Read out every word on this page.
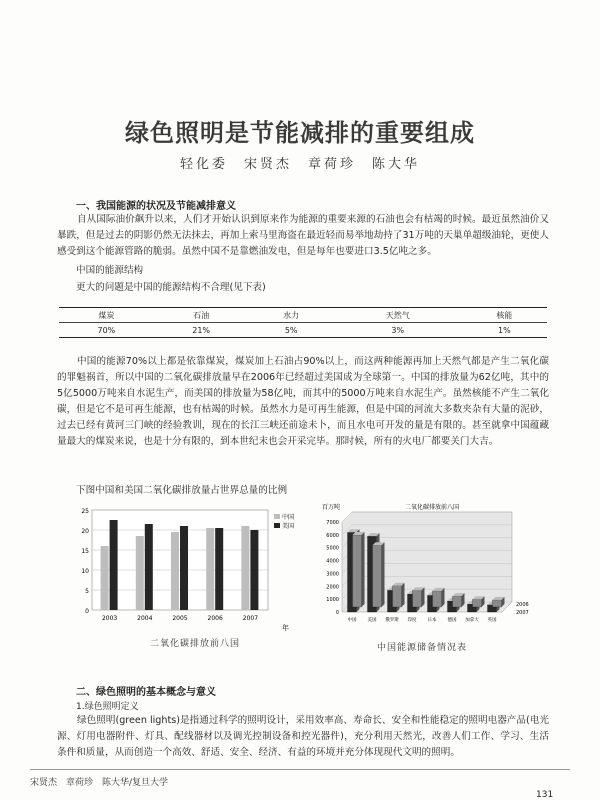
绿色照明是节能减排的重要组成
轻化委　宋贤杰　章荷珍　陈大华
一、我国能源的状况及节能减排意义
自从国际油价飙升以来，人们才开始认识到原来作为能源的重要来源的石油也会有枯竭的时候。最近虽然油价又暴跌，但是过去的阴影仍然无法抹去，再加上索马里海盗在最近轻而易举地劫持了31万吨的天巢单超级油轮，更使人感受到这个能源管路的脆弱。虽然中国不是靠燃油发电，但是每年也要进口3.5亿吨之多。
中国的能源结构
更大的问题是中国的能源结构不合理(见下表)
煤炭	石油	水力	天然气	核能
70%	21%	5%	3%	1%
中国的能源70%以上都是依靠煤炭，煤炭加上石油占90%以上，而这两种能源再加上天然气都是产生二氧化碳的罪魁祸首，所以中国的二氧化碳排放量早在2006年已经超过美国成为全球第一。中国的排放量为62亿吨，其中的5亿5000万吨来自水泥生产，而美国的排放量为58亿吨，而其中的5000万吨来自水泥生产。虽然核能不产生二氧化碳，但是它不是可再生能源，也有枯竭的时候。虽然水力是可再生能源，但是中国的河流大多数夹杂有大量的泥砂，过去已经有黄河三门峡的经验教训，现在的长江三峡还前途未卜，而且水电可开发的量是有限的。甚至就拿中国蕴藏量最大的煤炭来说，也是十分有限的，到本世纪末也会开采完毕。那时候，所有的火电厂都要关门大吉。
下图中国和美国二氧化碳排放量占世界总量的比例
0
5
10
15
20
25
2003	2004	2005	2006	2007
中国
美国
年
二氧化碳排放前八国
百万吨	二氧化碳排放前八国
0
1000
2000
3000
4000
5000
6000
7000
中国 美国 俄罗斯 印度 日本 德国 加拿大 英国
2006
2007
中国能源储备情况表
二、绿色照明的基本概念与意义
1.绿色照明定义
绿色照明(green lights)是指通过科学的照明设计，采用效率高、寿命长、安全和性能稳定的照明电器产品(电光源、灯用电器附件、灯具、配线器材以及调光控制设备和控光器件)，充分利用天然光，改善人们工作、学习、生活条件和质量，从而创造一个高效、舒适、安全、经济、有益的环境并充分体现现代文明的照明。
宋贤杰　章荷珍　陈大华/复旦大学
131
